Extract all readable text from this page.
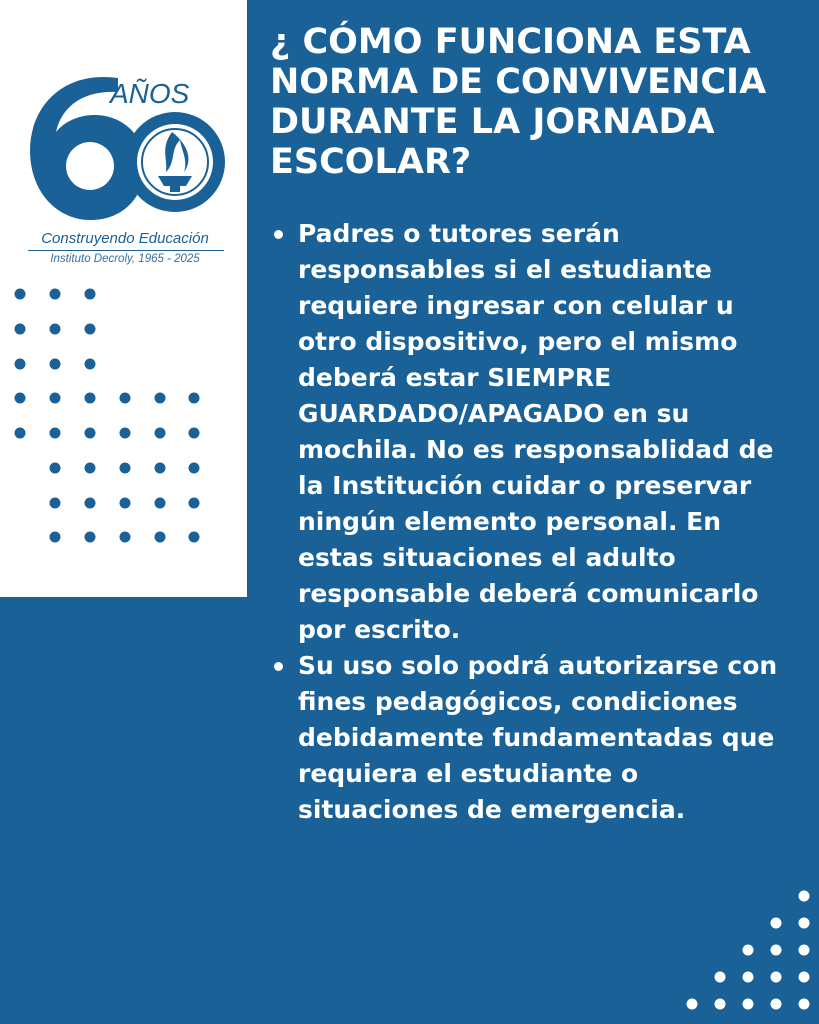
AÑOS
Construyendo Educación
Instituto Decroly, 1965 - 2025
¿ CÓMO FUNCIONA ESTA NORMA DE CONVIVENCIA DURANTE LA JORNADA ESCOLAR?
Padres o tutores serán responsables si el estudiante requiere ingresar con celular u otro dispositivo, pero el mismo deberá estar SIEMPRE GUARDADO/APAGADO en su mochila. No es responsablidad de la Institución cuidar o preservar ningún elemento personal. En estas situaciones el adulto responsable deberá comunicarlo por escrito.
Su uso solo podrá autorizarse con fines pedagógicos, condiciones debidamente fundamentadas que requiera el estudiante o situaciones de emergencia.
